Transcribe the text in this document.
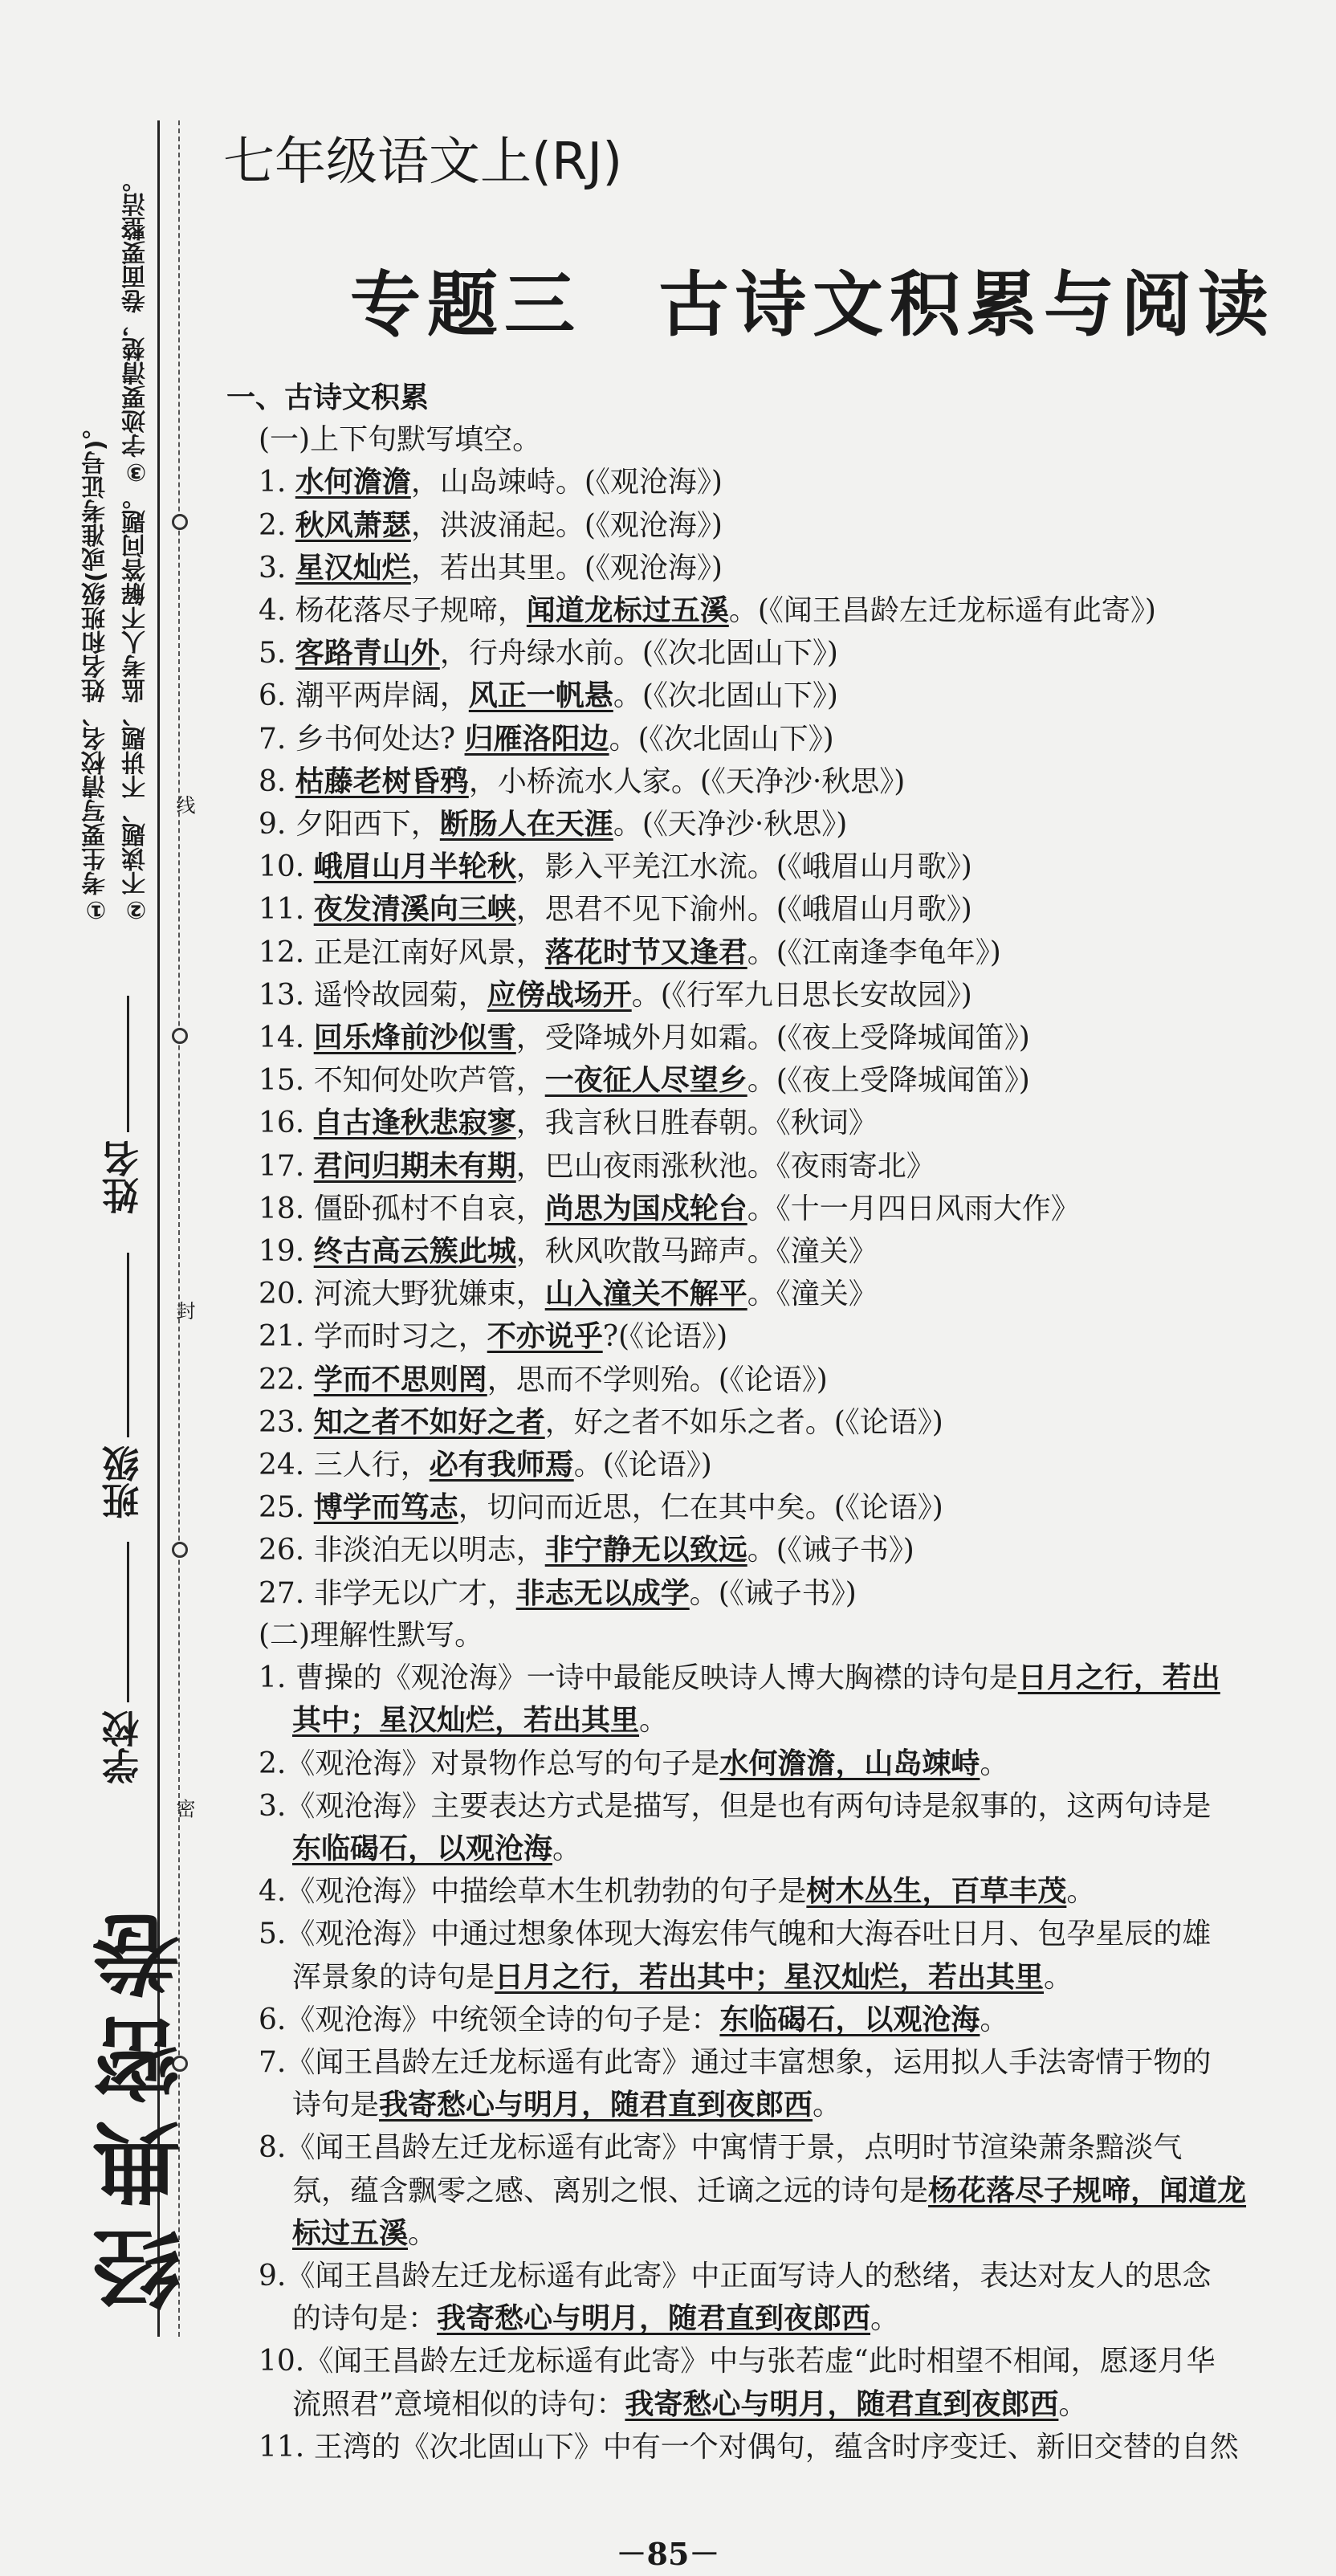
①考生要写清校名、姓名和班级(或准考证号)。 ②不读题、不讲题、监考人不解答问题。③字迹要清楚，卷面要整洁。 线
封
密
姓名
班级
学校
经典密卷
七年级语文上(RJ)
专题三　古诗文积累与阅读
一、古诗文积累
(一)上下句默写填空。
1. 水何澹澹，山岛竦峙。(《观沧海》)
2. 秋风萧瑟，洪波涌起。(《观沧海》)
3. 星汉灿烂，若出其里。(《观沧海》)
4. 杨花落尽子规啼，闻道龙标过五溪。(《闻王昌龄左迁龙标遥有此寄》)
5. 客路青山外，行舟绿水前。(《次北固山下》)
6. 潮平两岸阔，风正一帆悬。(《次北固山下》)
7. 乡书何处达? 归雁洛阳边。(《次北固山下》)
8. 枯藤老树昏鸦，小桥流水人家。(《天净沙·秋思》)
9. 夕阳西下，断肠人在天涯。(《天净沙·秋思》)
10. 峨眉山月半轮秋，影入平羌江水流。(《峨眉山月歌》)
11. 夜发清溪向三峡，思君不见下渝州。(《峨眉山月歌》)
12. 正是江南好风景，落花时节又逢君。(《江南逢李龟年》)
13. 遥怜故园菊，应傍战场开。(《行军九日思长安故园》)
14. 回乐烽前沙似雪，受降城外月如霜。(《夜上受降城闻笛》)
15. 不知何处吹芦管，一夜征人尽望乡。(《夜上受降城闻笛》)
16. 自古逢秋悲寂寥，我言秋日胜春朝。《秋词》
17. 君问归期未有期，巴山夜雨涨秋池。《夜雨寄北》
18. 僵卧孤村不自哀，尚思为国戍轮台。《十一月四日风雨大作》
19. 终古高云簇此城，秋风吹散马蹄声。《潼关》
20. 河流大野犹嫌束，山入潼关不解平。《潼关》
21. 学而时习之，不亦说乎?(《论语》)
22. 学而不思则罔，思而不学则殆。(《论语》)
23. 知之者不如好之者，好之者不如乐之者。(《论语》)
24. 三人行，必有我师焉。(《论语》)
25. 博学而笃志，切问而近思，仁在其中矣。(《论语》)
26. 非淡泊无以明志，非宁静无以致远。(《诫子书》)
27. 非学无以广才，非志无以成学。(《诫子书》)
(二)理解性默写。
1. 曹操的《观沧海》一诗中最能反映诗人博大胸襟的诗句是日月之行，若出
其中；星汉灿烂，若出其里。
2.《观沧海》对景物作总写的句子是水何澹澹，山岛竦峙。
3.《观沧海》主要表达方式是描写，但是也有两句诗是叙事的，这两句诗是
东临碣石，以观沧海。
4.《观沧海》中描绘草木生机勃勃的句子是树木丛生，百草丰茂。
5.《观沧海》中通过想象体现大海宏伟气魄和大海吞吐日月、包孕星辰的雄
浑景象的诗句是日月之行，若出其中；星汉灿烂，若出其里。
6.《观沧海》中统领全诗的句子是：东临碣石，以观沧海。
7.《闻王昌龄左迁龙标遥有此寄》通过丰富想象，运用拟人手法寄情于物的
诗句是我寄愁心与明月，随君直到夜郎西。
8.《闻王昌龄左迁龙标遥有此寄》中寓情于景，点明时节渲染萧条黯淡气
氛，蕴含飘零之感、离别之恨、迁谪之远的诗句是杨花落尽子规啼，闻道龙
标过五溪。
9.《闻王昌龄左迁龙标遥有此寄》中正面写诗人的愁绪，表达对友人的思念
的诗句是：我寄愁心与明月，随君直到夜郎西。
10.《闻王昌龄左迁龙标遥有此寄》中与张若虚“此时相望不相闻，愿逐月华
流照君”意境相似的诗句：我寄愁心与明月，随君直到夜郎西。
11. 王湾的《次北固山下》中有一个对偶句，蕴含时序变迁、新旧交替的自然
－85－
